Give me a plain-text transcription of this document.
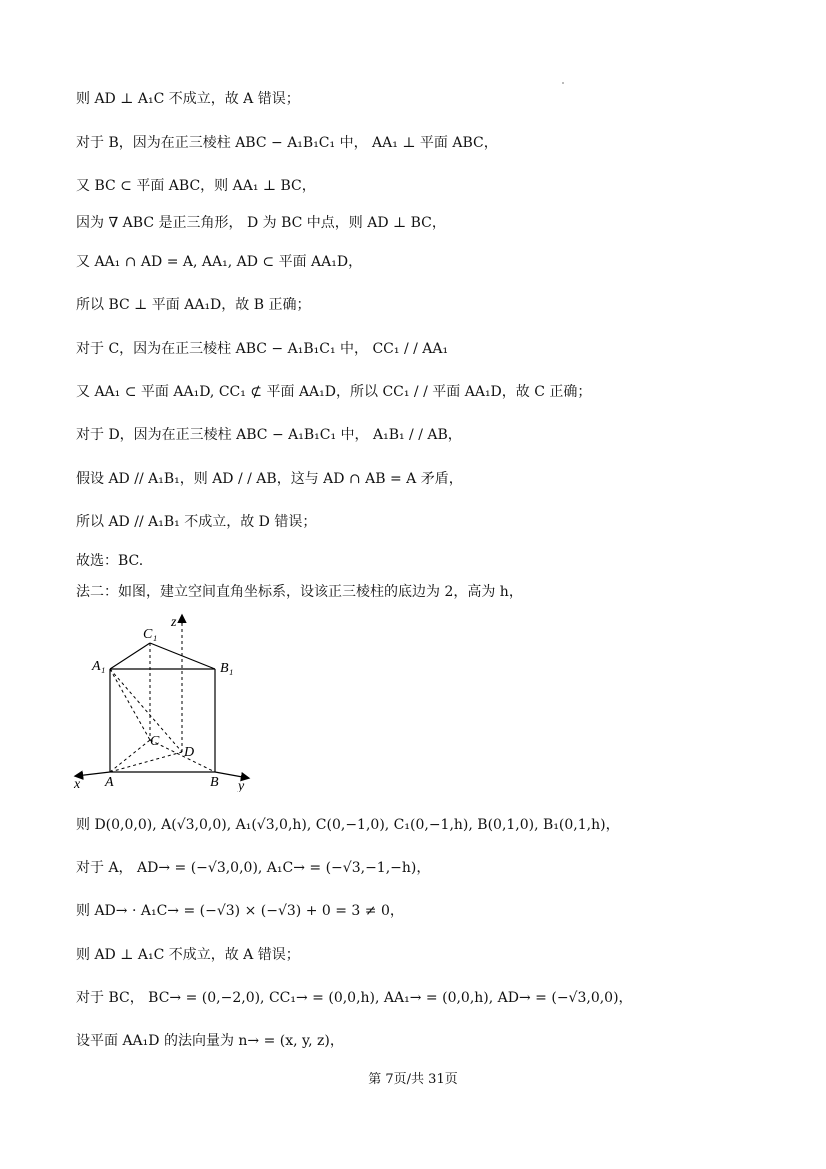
则 AD ⊥ A₁C 不成立，故 A 错误；
对于 B，因为在正三棱柱 ABC − A₁B₁C₁ 中， AA₁ ⊥ 平面 ABC，
又 BC ⊂ 平面 ABC，则 AA₁ ⊥ BC，
因为 ∇ ABC 是正三角形， D 为 BC 中点，则 AD ⊥ BC，
又 AA₁ ∩ AD = A, AA₁, AD ⊂ 平面 AA₁D，
所以 BC ⊥ 平面 AA₁D，故 B 正确；
对于 C，因为在正三棱柱 ABC − A₁B₁C₁ 中， CC₁ / / AA₁
又 AA₁ ⊂ 平面 AA₁D, CC₁ ⊄ 平面 AA₁D，所以 CC₁ / / 平面 AA₁D，故 C 正确；
对于 D，因为在正三棱柱 ABC − A₁B₁C₁ 中， A₁B₁ / / AB，
假设 AD // A₁B₁，则 AD / / AB，这与 AD ∩ AB = A 矛盾，
所以 AD // A₁B₁ 不成立，故 D 错误；
故选：BC.
法二：如图，建立空间直角坐标系，设该正三棱柱的底边为 2，高为 h，
C₁
A₁	B₁
C
D
A	B
x	y
z
则 D(0,0,0), A(√3,0,0), A₁(√3,0,h), C(0,−1,0), C₁(0,−1,h), B(0,1,0), B₁(0,1,h)，
对于 A， AD→ = (−√3,0,0), A₁C→ = (−√3,−1,−h)，
则 AD→ · A₁C→ = (−√3) × (−√3) + 0 = 3 ≠ 0，
则 AD ⊥ A₁C 不成立，故 A 错误；
对于 BC， BC→ = (0,−2,0), CC₁→ = (0,0,h), AA₁→ = (0,0,h), AD→ = (−√3,0,0)，
设平面 AA₁D 的法向量为 n→ = (x, y, z)，
第 7页/共 31页
